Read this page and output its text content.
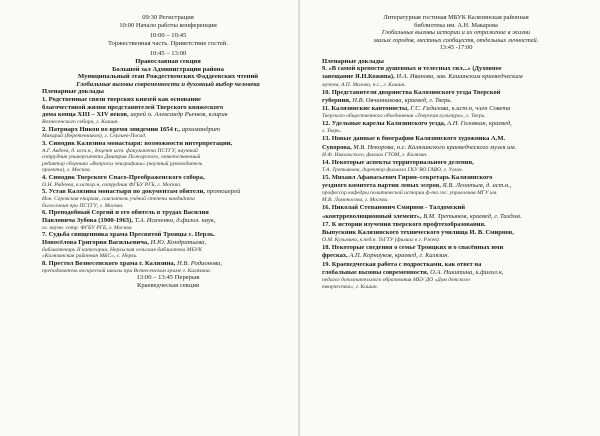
09:30 Регистрация
10:00 Начало работы конференции
10:00 – 10:45
Торжественная часть. Приветствие гостей.
10:45 – 13:00
Православная секция
Большой зал Администрации района
Муниципальный этап Рождественских Фаддеевских чтений
Глобальные вызовы современности и духовный выбор человека
Пленарные доклады
1. Родственные связи тверских князей как основание
благочестивой жизни представителей Тверского княжеского
дома конца XIII – XIV веков, иерей о. Александр Рычков, клирик
Вознесенского собора, г. Кашин.
2. Патриарх Никон во время эпидемии 1654 г., архимандрит
Макарий (Веретенников), г. Сергиев-Посад.
3. Синодик Калязина монастыря: возможности интерпретации,
А.Г. Авдеев, д. ист.н., доцент ист. факультета ПСТГУ, научный
сотрудник университета Дмитрия Пожарского, ответственный
редактор сборника «Вопросы эпиграфики» (научный руководитель
проекта), г. Москва.
4. Синодик Тверского Спасо-Преображенского собора,
О.Н. Радеева, к.истор.н, сотрудник ФГБУ РГБ, г. Москва.
5. Устав Калязина монастыря по документам обители, протоиерей
Иов. Серовская епархия, соискатель учёной степени кандидата
богословия при ПСТГУ, г. Москва.
6. Преподобный Сергий и его обитель в трудах Василия
Павловича Зубова (1900-1963), Т.А. Исаченко, д.филол. наук,
гл. научн. сотр. ФГБУ РГБ, г. Москва.
7. Судьба священника храма Пресвятой Троицы с. Нерль.
Новосёлова Григория Васильевича, И.Ю. Кондратьева,
библиотекарь II категории, Нерльская сельская библиотека МБУК
«Калязинская районная МБС», с. Нерль.
8. Престол Вознесенского храма г. Калязина, Н.В. Родионова,
преподаватель воскресной школы при Вознесенском храме г. Калязина.
13:00 – 13:45 Перерыв
Краеведческая секция
Литературная гостиная МБУК Калязинская районная
библиотека им. А.Н. Макарова
Глобальные вызовы истории и их отражение в жизни
малых городов, местных сообществ, отдельных личностей.
13:45 -17:00
Пленарные доклады
9. «В самой крепости душевных и телесных сил...» (Духовное
завещание Я.Н.Кожина), И.А. Иванова, зав. Кашинским краеведческим
музеем, А.П. Малова, н.с., г. Кашин.
10. Представители дворянства Калязинского уезда Тверской
губернии, Н.В. Овчинникова, краевед, г. Тверь.
11. Калязинские кантонисты, Г.С. Гидалова, к.ист.н, член Совета
Тверского общественного объединения «Тверская культура», г. Тверь.
12. Удельные карелы Калязинского уезда, А.Н. Головкин, краевед,
г. Тверь.
13. Новые данные в биографии Калязинского художника А.М.
Суворова, М.В. Некорова, н.с. Калязинского краеведческого музея им.
И.Ф. Никольского, филиал ГТОМ, г. Калязин.
14. Некоторые аспекты территориального деления,
Т.А. Третьякова, директор филиала ГКУ ВО ГАВО, г. Углич.
15. Михаил Афанасьевич Гирин–секретарь Калязинского
уездного комитета партии левых эсеров, Я.В. Леонтьев, д. ист.н.,
профессор кафедры политической истории ф-та гос. управления МГУ им.
М.В. Ломоносова, г. Москва.
16. Николай Степанович Смирнов - Талдомский
«контрреволюционный элемент», В.М. Третьяков, краевед, г. Талдом.
17. К истории изучения тверского профтехобразования.
Выпускник Калязинского технического училища И. В. Смирнов,
О.М. Кузьмина, к.пед.н. ТвГТУ (филиал в г. Ржев).
18. Некоторые сведения о семье Троицких и о спасённых ими
фресках, А.П. Корнауков, краевед, г. Калязин.
19. Краеведческая работа с подростками, как ответ на
глобальные вызовы современности, О.А. Никитина, к.филол.н,
педагог дополнительного образования МБУ ДО «Дом детского
творчества», г. Кашин.
